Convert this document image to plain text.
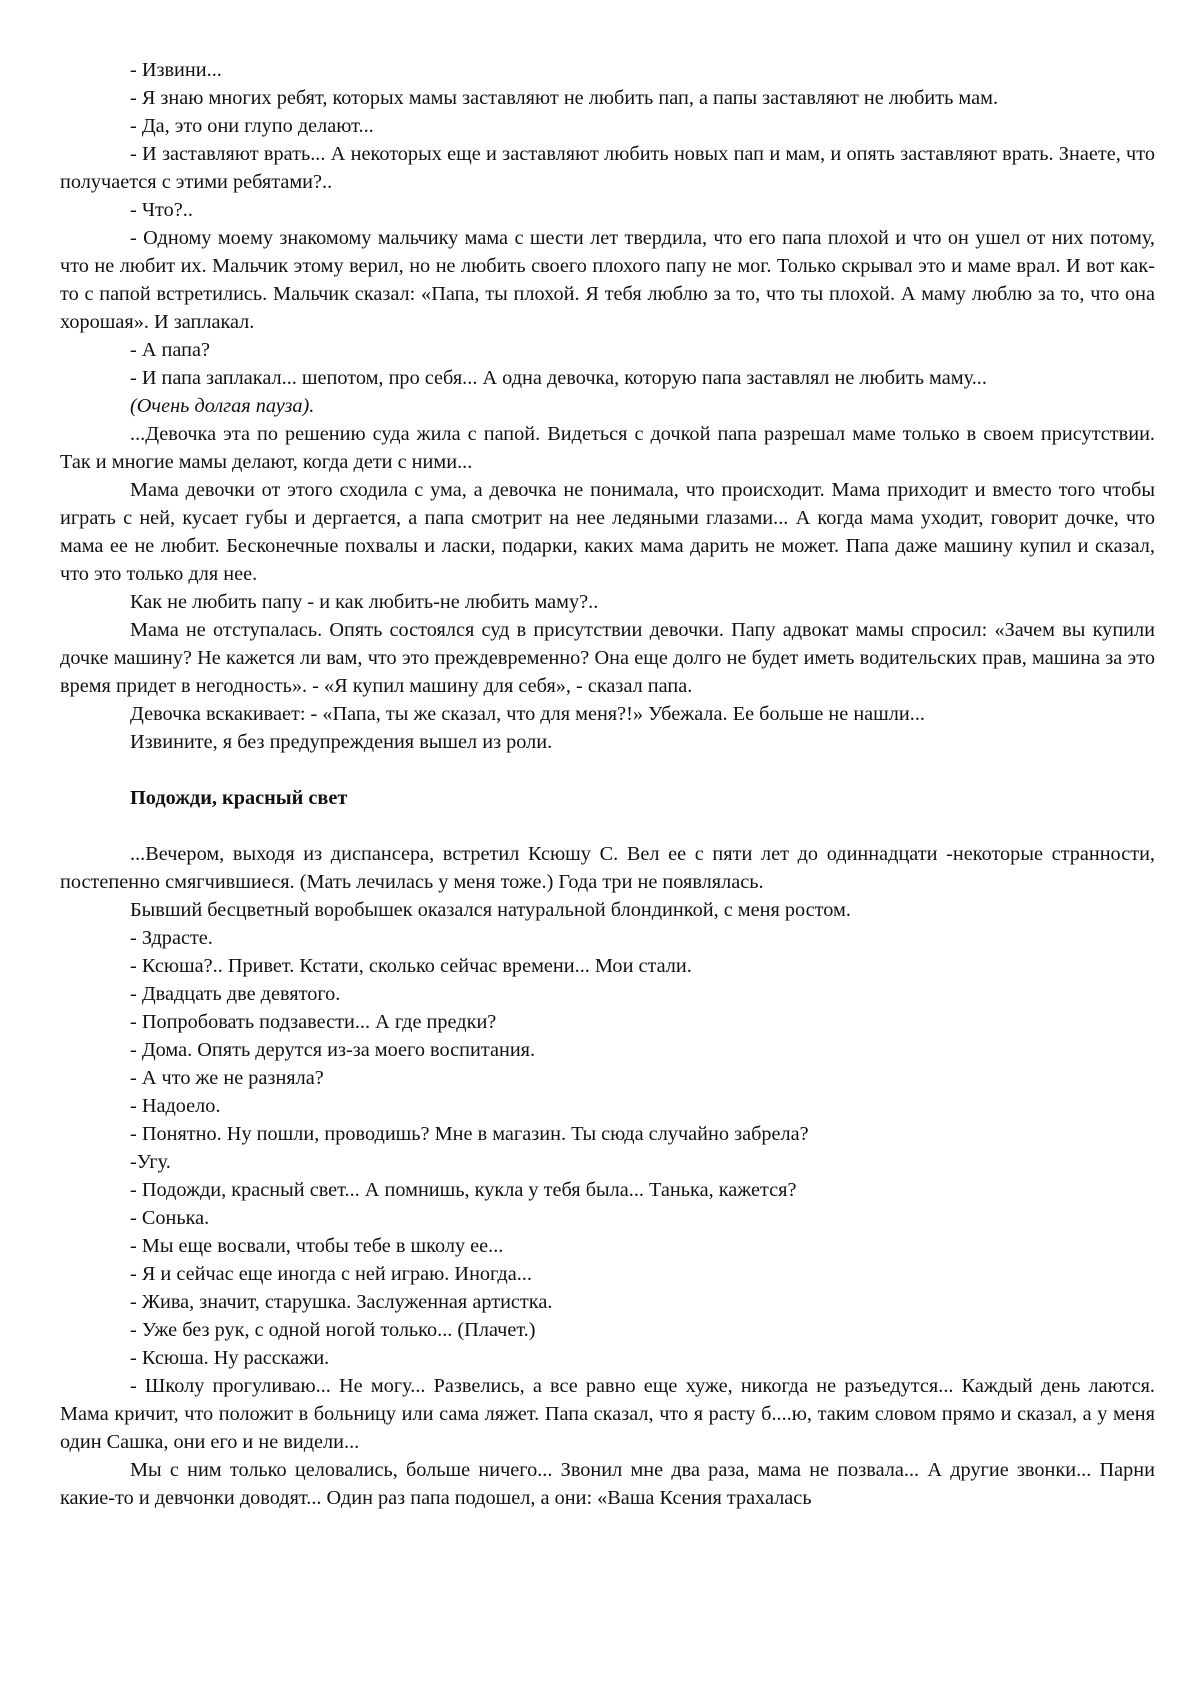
- Извини...

- Я знаю многих ребят, которых мамы заставляют не любить пап, а папы заставляют не любить мам.

- Да, это они глупо делают...

- И заставляют врать... А некоторых еще и заставляют любить новых пап и мам, и опять заставляют врать. Знаете, что получается с этими ребятами?..

- Что?..

- Одному моему знакомому мальчику мама с шести лет твердила, что его папа плохой и что он ушел от них потому, что не любит их. Мальчик этому верил, но не любить своего плохого папу не мог. Только скрывал это и маме врал. И вот как-то с папой встретились. Мальчик сказал: «Папа, ты плохой. Я тебя люблю за то, что ты плохой. А маму люблю за то, что она хорошая». И заплакал.

- А папа?

- И папа заплакал... шепотом, про себя... А одна девочка, которую папа заставлял не любить маму...

(Очень долгая пауза).

...Девочка эта по решению суда жила с папой. Видеться с дочкой папа разрешал маме только в своем присутствии. Так и многие мамы делают, когда дети с ними...

Мама девочки от этого сходила с ума, а девочка не понимала, что происходит. Мама приходит и вместо того чтобы играть с ней, кусает губы и дергается, а папа смотрит на нее ледяными глазами... А когда мама уходит, говорит дочке, что мама ее не любит. Бесконечные похвалы и ласки, подарки, каких мама дарить не может. Папа даже машину купил и сказал, что это только для нее.

Как не любить папу - и как любить-не любить маму?..

Мама не отступалась. Опять состоялся суд в присутствии девочки. Папу адвокат мамы спросил: «Зачем вы купили дочке машину? Не кажется ли вам, что это преждевременно? Она еще долго не будет иметь водительских прав, машина за это время придет в негодность». - «Я купил машину для себя», - сказал папа.

Девочка вскакивает: - «Папа, ты же сказал, что для меня?!» Убежала. Ее больше не нашли...

Извините, я без предупреждения вышел из роли.

Подожди, красный свет

...Вечером, выходя из диспансера, встретил Ксюшу С. Вел ее с пяти лет до одиннадцати -некоторые странности, постепенно смягчившиеся. (Мать лечилась у меня тоже.) Года три не появлялась.

Бывший бесцветный воробышек оказался натуральной блондинкой, с меня ростом.

- Здрасте.

- Ксюша?.. Привет. Кстати, сколько сейчас времени... Мои стали.

- Двадцать две девятого.

- Попробовать подзавести... А где предки?

- Дома. Опять дерутся из-за моего воспитания.

- А что же не разняла?

- Надоело.

- Понятно. Ну пошли, проводишь? Мне в магазин. Ты сюда случайно забрела?

-Угу.

- Подожди, красный свет... А помнишь, кукла у тебя была... Танька, кажется?

- Сонька.

- Мы еще восвали, чтобы тебе в школу ее...

- Я и сейчас еще иногда с ней играю. Иногда...

- Жива, значит, старушка. Заслуженная артистка.

- Уже без рук, с одной ногой только... (Плачет.)

- Ксюша. Ну расскажи.

- Школу прогуливаю... Не могу... Развелись, а все равно еще хуже, никогда не разъедутся... Каждый день лаются. Мама кричит, что положит в больницу или сама ляжет. Папа сказал, что я расту б....ю, таким словом прямо и сказал, а у меня один Сашка, они его и не видели...

Мы с ним только целовались, больше ничего... Звонил мне два раза, мама не позвала... А другие звонки... Парни какие-то и девчонки доводят... Один раз папа подошел, а они: «Ваша Ксения трахалась
